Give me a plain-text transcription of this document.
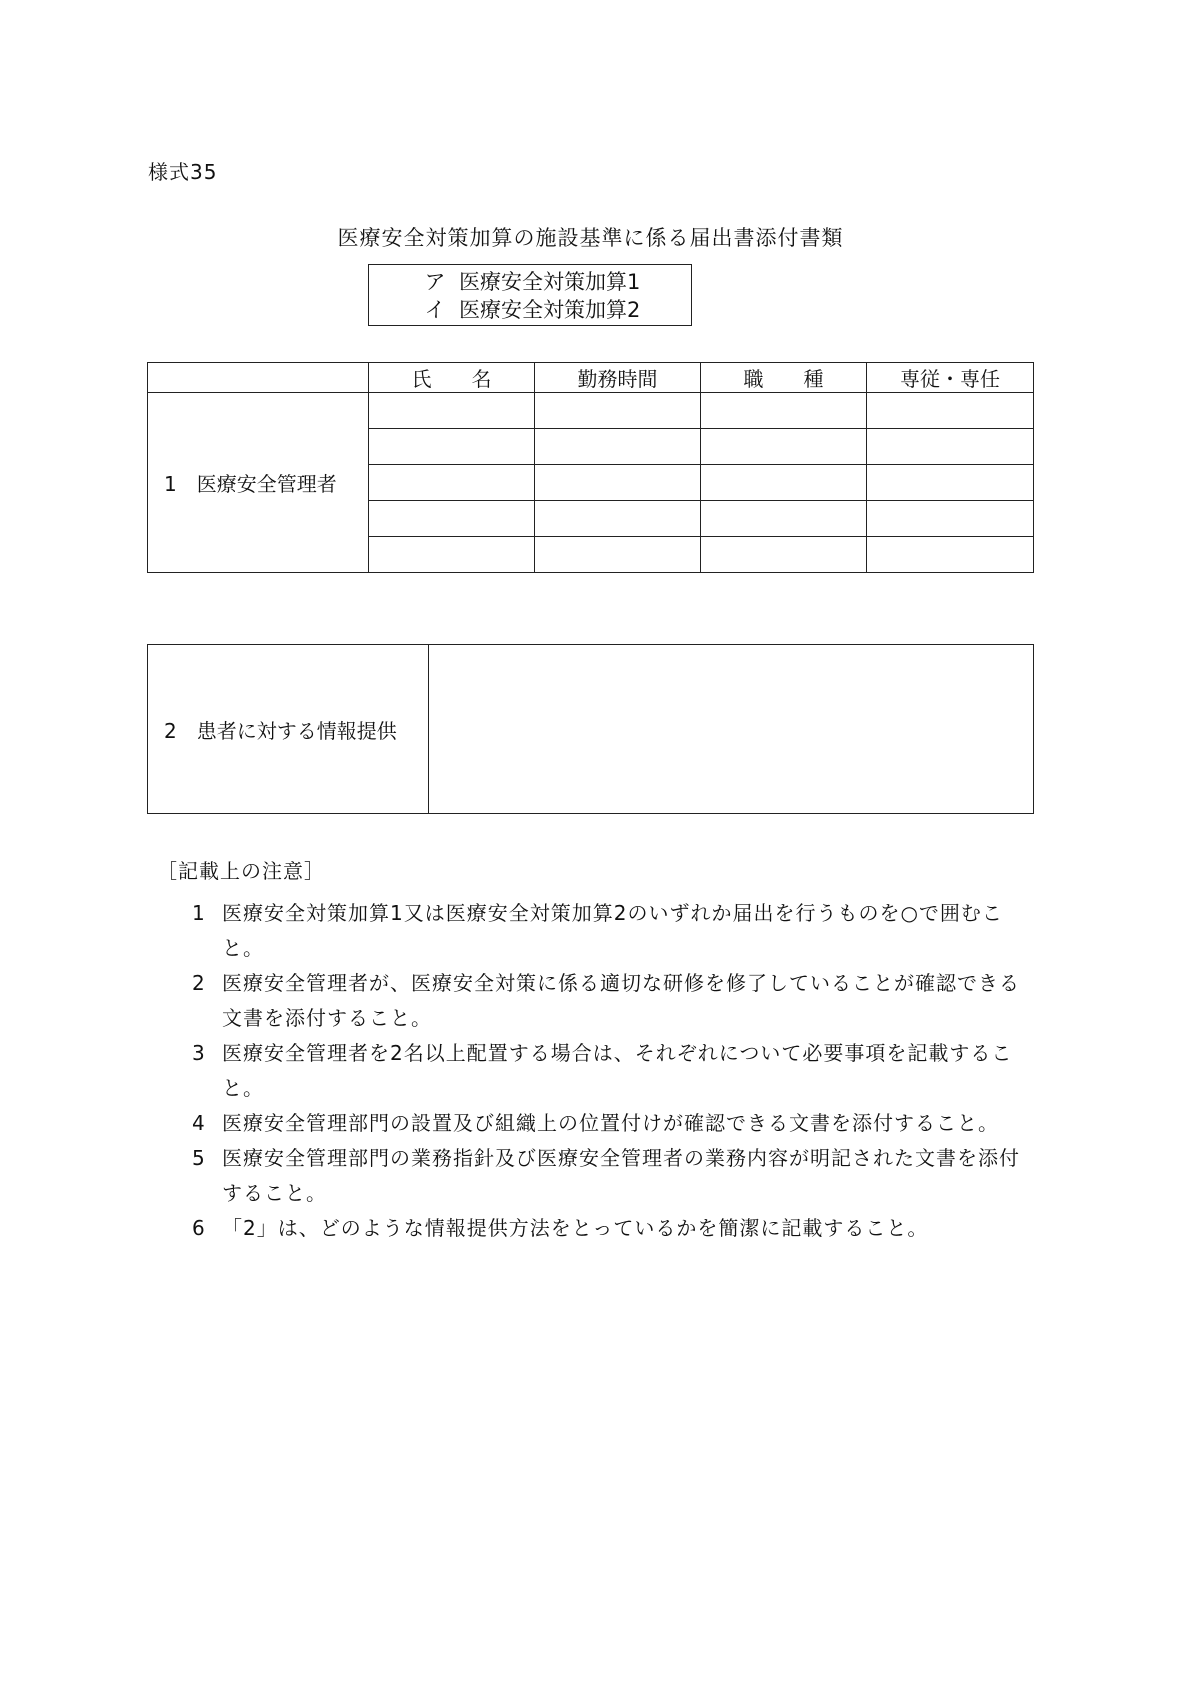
様式35
医療安全対策加算の施設基準に係る届出書添付書類
ア 医療安全対策加算1
イ 医療安全対策加算2
	氏　　名	勤務時間	職　　種	専従・専任
1　医療安全管理者				

2　患者に対する情報提供	
［記載上の注意］
1 医療安全対策加算1又は医療安全対策加算2のいずれか届出を行うものを○で囲むこと。
2 医療安全管理者が、医療安全対策に係る適切な研修を修了していることが確認できる文書を添付すること。
3 医療安全管理者を2名以上配置する場合は、それぞれについて必要事項を記載すること。
4 医療安全管理部門の設置及び組織上の位置付けが確認できる文書を添付すること。
5 医療安全管理部門の業務指針及び医療安全管理者の業務内容が明記された文書を添付すること。
6 「2」は、どのような情報提供方法をとっているかを簡潔に記載すること。
